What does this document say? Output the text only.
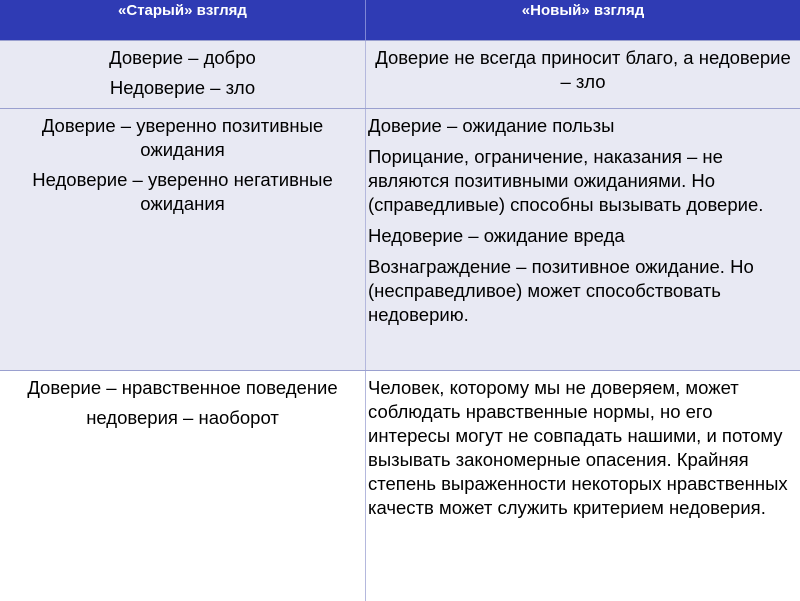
«Старый» взгляд	«Новый» взгляд

Доверие – добро

Недоверие – зло

Доверие не всегда приносит благо, а недоверие – зло

Доверие – уверенно позитивные ожидания

Недоверие – уверенно негативные ожидания

Доверие – ожидание пользы

Порицание, ограничение, наказания – не являются позитивными ожиданиями. Но (справедливые) способны вызывать доверие.

Недоверие – ожидание вреда

Вознаграждение – позитивное ожидание. Но (несправедливое) может способствовать недоверию.

Доверие – нравственное поведение

недоверия – наоборот

Человек, которому мы не доверяем, может соблюдать нравственные нормы, но его интересы могут не совпадать нашими, и потому вызывать закономерные опасения. Крайняя степень выраженности некоторых нравственных качеств может служить критерием недоверия.
